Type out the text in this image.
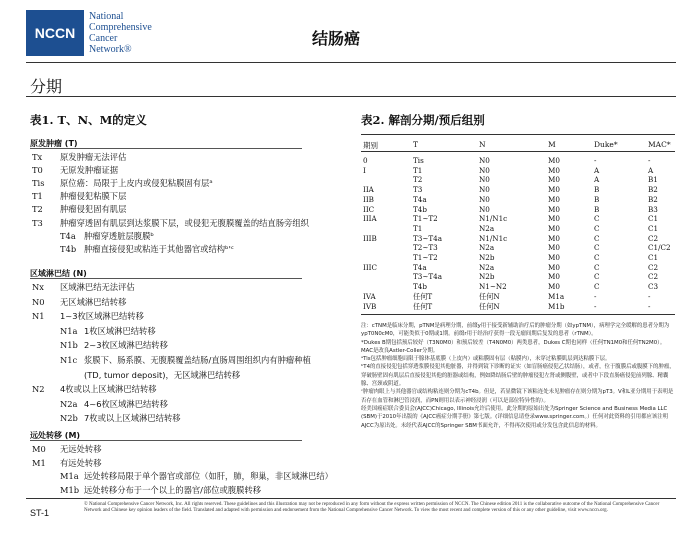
NCCN
National
Comprehensive
Cancer
Network®
结肠癌
分期
表1. T、N、M的定义
原发肿瘤 (T)
Tx 原发肿瘤无法评估
T0 无原发肿瘤证据
Tis 原位癌：局限于上皮内或侵犯粘膜固有层ᵃ
T1 肿瘤侵犯粘膜下层
T2 肿瘤侵犯固有肌层
T3 肿瘤穿透固有肌层到达浆膜下层，或侵犯无腹膜覆盖的结直肠旁组织
T4a 肿瘤穿透脏层腹膜ᵇ
T4b 肿瘤直接侵犯或粘连于其他器官或结构ᵇ'ᶜ
区域淋巴结 (N)
Nx 区域淋巴结无法评估
N0 无区域淋巴结转移
N1 1~3枚区域淋巴结转移
N1a 1枚区域淋巴结转移
N1b 2~3枚区域淋巴结转移
N1c 浆膜下、肠系膜、无腹膜覆盖结肠/直肠周围组织内有肿瘤种植
(TD, tumor deposit)，无区域淋巴结转移
N2 4枚或以上区域淋巴结转移
N2a 4~6枚区域淋巴结转移
N2b 7枚或以上区域淋巴结转移
远处转移 (M)
M0 无远处转移
M1 有远处转移
M1a 远处转移局限于单个器官或部位（如肝，肺，卵巢，非区域淋巴结）
M1b 远处转移分布于一个以上的器官/部位或腹膜转移
表2. 解剖分期/预后组别
期别	T	N	M	Duke*	MAC*
0	Tis	N0	M0	-	-
I	T1	N0	M0	A	A
T2	N0	M0	A	B1
IIA	T3	N0	M0	B	B2
IIB	T4a	N0	M0	B	B2
IIC	T4b	N0	M0	B	B3
IIIA	T1~T2	N1/N1c	M0	C	C1
T1	N2a	M0	C	C1
IIIB	T3~T4a	N1/N1c	M0	C	C2
T2~T3	N2a	M0	C	C1/C2
T1~T2	N2b	M0	C	C1
IIIC	T4a	N2a	M0	C	C2
T3~T4a	N2b	M0	C	C2
T4b	N1~N2	M0	C	C3
IVA	任何T	任何N	M1a	-	-
IVB	任何T	任何N	M1b	-	-

注：cTNM是临床分期，pTNM是病理分期，前缀y用于接受新辅助治疗后的肿瘤分期（如ypTNM），病理学完全缓解的患者分期为ypT0N0cM0，可能类似于0期或1期。前缀r用于经治疗获得一段无瘤间期后复发的患者（rTNM）。

*Dukes B期包括预后较好（T3N0M0）和预后较差（T4N0M0）两类患者，Dukes C期也同样（任何TN1M0和任何TN2M0）。MAC是改良Astler-Coller分期。

ᵃTis包括肿瘤细胞局限于腺体基底膜（上皮内）或粘膜固有层（粘膜内），未穿过粘膜肌层到达粘膜下层。

ᵇT4的直接侵犯包括穿透浆膜侵犯其他脏器，并得到镜下诊断的证实（如盲肠癌侵犯乙状结肠），或者，位于腹膜后或腹膜下的肿瘤，穿破肠壁固有肌层后直接侵犯其他的脏器或结构，例如降结肠后壁的肿瘤侵犯左肾或侧腹壁，或者中下段直肠癌侵犯前列腺、精囊腺、宫颈或阴道。

ᶜ肿瘤肉眼上与其他器官或结构粘连则分期为cT4b。但是，若显微镜下该粘连处未见肿瘤存在则分期为pT3。V和L亚分期用于表明是否存在血管和淋巴管浸润，而PN则用以表示神经浸润（可以是部位特异性的）。

经美国癌症联合委员会(AJCC)Chicago, Illinois允许后使用。此分期的原始出处为Springer Science and Business Media LLC (SBM)于2010年出版的《AJCC癌症分期手册》第七版。(详细信息请登录www.springer.com。）任何对此资料的引用都应该注明AJCC为原出处。未经代表AJCC的Springer SBM书面允许，不得再次使用或分发包含此信息的材料。

ST-1
© National Comprehensive Cancer Network, Inc. All rights reserved. These guidelines and this illustration may not be reproduced in any form without the express written permission of NCCN. The Chinese edition 2011 is the collaborative outcome of the National Comprehensive Cancer Network and Chinese key opinion leaders of the field. Translated and adapted with permission and endorsement from the National Comprehensive Cancer Network. To view the most recent and complete version of this or any other guideline, visit www.nccn.org.
